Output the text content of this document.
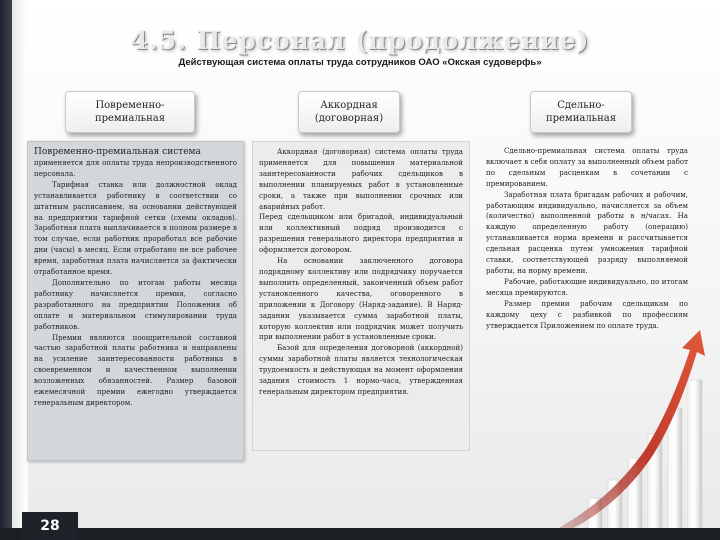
4.5. Персонал (продолжение)
Действующая система оплаты труда сотрудников ОАО «Окская судоверфь»
Повременно-
премиальная
Аккордная
(договорная)
Сдельно-
премиальная

Повременно-премиальная система

применяется для оплаты труда непроизводственного персонала.

Тарифная ставка или должностной оклад устанавливается работнику в соответствии со штатным расписанием, на основании действующей на предприятии тарифной сетки (схемы окладов). Заработная плата выплачивается в полном размере в том случае, если работник проработал все рабочие дни (часы) в месяц. Если отработано не все рабочее время, заработная плата начисляется за фактически отработанное время.

Дополнительно по итогам работы месяца работнику начисляется премия, согласно разработанного на предприятии Положения об оплате и материальном стимулировании труда работников.

Премии являются поощрительной составной частью заработной платы работника и направлены на усиление заинтересованности работника в своевременном и качественном выполнении возложенных обязанностей. Размер базовой ежемесячной премии ежегодно утверждается генеральным директором.

Аккордная (договорная) система оплаты труда применяется для повышения материальной заинтересованности рабочих сдельщиков в выполнении планируемых работ в установленные сроки, а также при выполнении срочных или аварийных работ.

Перед сдельщиком или бригадой, индивидуальный или коллективный подряд производится с разрешения генерального директора предприятия и оформляется договором.

На основании заключенного договора подрядному коллективу или подрядчику поручается выполнить определенный, законченный объем работ установленного качества, оговоренного в приложении к Договору (Наряд-задание). В Наряд-задании указывается сумма заработной платы, которую коллектив или подрядчик может получить при выполнении работ в установленные сроки.

Базой для определения договорной (аккордной) суммы заработной платы является технологическая трудоемкость и действующая на момент оформления задания стоимость 1 нормо-часа, утвержденная генеральным директором предприятия.

Сдельно-премиальная система оплаты труда включает в себя оплату за выполненный объем работ по сдельным расценкам в сочетании с премированием.

Заработная плата бригадам рабочих и рабочим, работающим индивидуально, начисляется за объем (количество) выполненной работы в н/часах. На каждую определенную работу (операцию) устанавливается норма времени и рассчитывается сдельная расценка путем умножения тарифной ставки, соответствующей разряду выполняемой работы, на норму времени.

Рабочие, работающие индивидуально, по итогам месяца премируются.

Размер премии рабочим сдельщикам по каждому цеху с разбивкой по профессиям утверждается Приложением по оплате труда.

28
